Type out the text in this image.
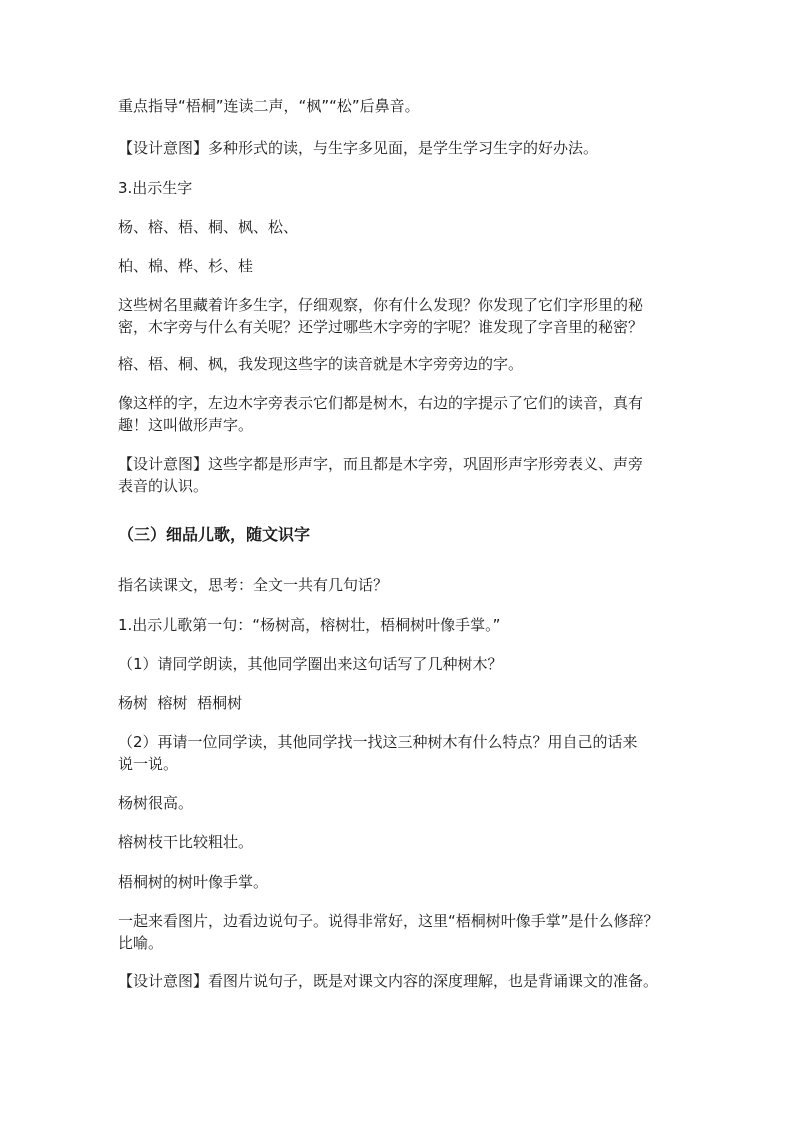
重点指导“梧桐”连读二声，“枫”“松”后鼻音。

【设计意图】多种形式的读，与生字多见面，是学生学习生字的好办法。

3.出示生字

杨、榕、梧、桐、枫、松、

柏、棉、桦、杉、桂

这些树名里藏着许多生字，仔细观察，你有什么发现？你发现了它们字形里的秘
密，木字旁与什么有关呢？还学过哪些木字旁的字呢？谁发现了字音里的秘密？

榕、梧、桐、枫，我发现这些字的读音就是木字旁旁边的字。

像这样的字，左边木字旁表示它们都是树木，右边的字提示了它们的读音，真有
趣！这叫做形声字。

【设计意图】这些字都是形声字，而且都是木字旁，巩固形声字形旁表义、声旁
表音的认识。

（三）细品儿歌，随文识字

指名读课文，思考：全文一共有几句话？

1.出示儿歌第一句：“杨树高，榕树壮，梧桐树叶像手掌。”

（1）请同学朗读，其他同学圈出来这句话写了几种树木？

杨树  榕树  梧桐树

（2）再请一位同学读，其他同学找一找这三种树木有什么特点？用自己的话来
说一说。

杨树很高。

榕树枝干比较粗壮。

梧桐树的树叶像手掌。

一起来看图片，边看边说句子。说得非常好，这里“梧桐树叶像手掌”是什么修辞？
比喻。

【设计意图】看图片说句子，既是对课文内容的深度理解，也是背诵课文的准备。
